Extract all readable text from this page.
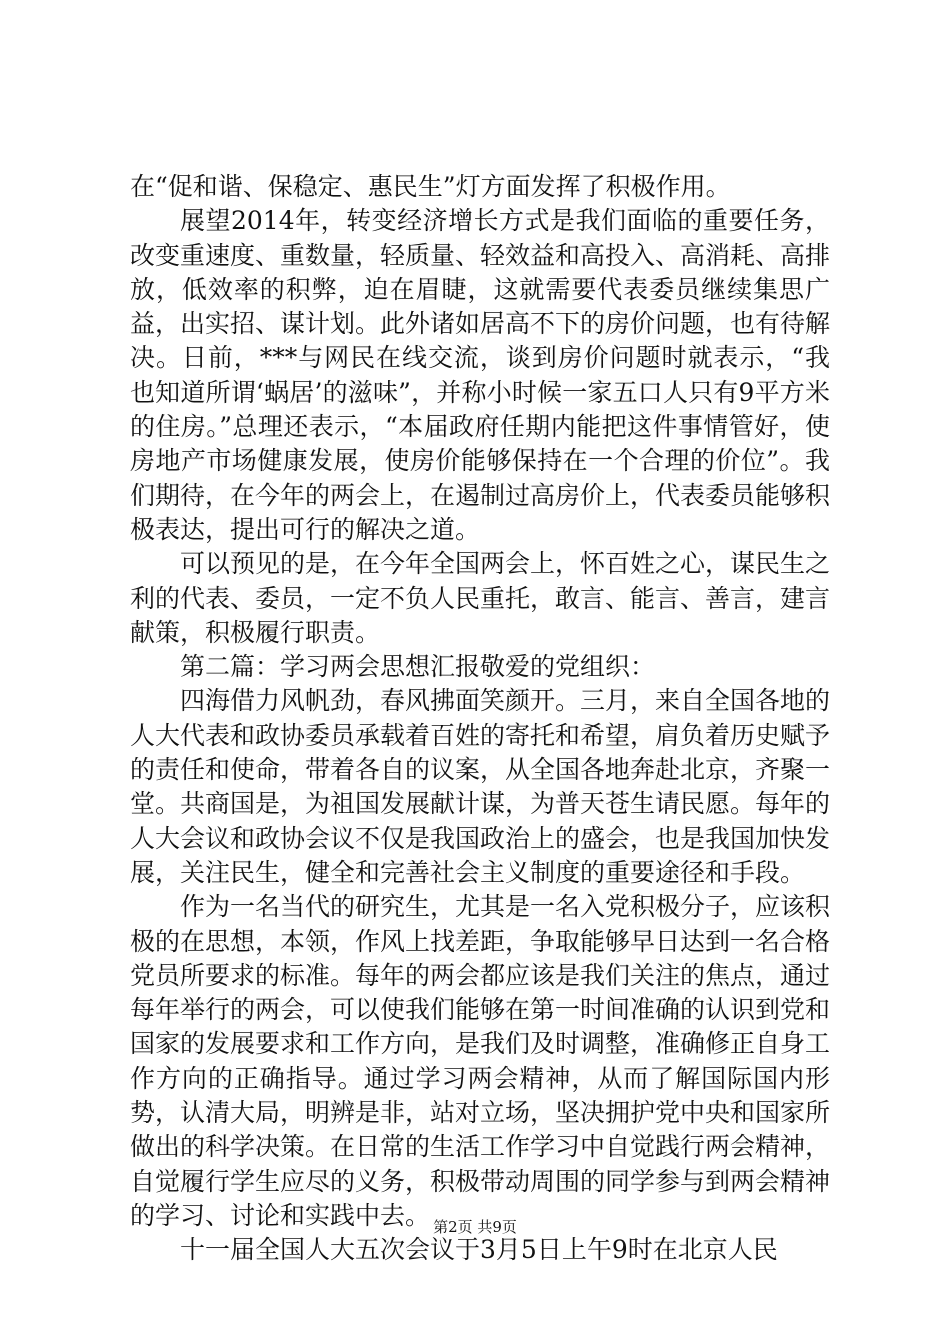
在“促和谐、保稳定、惠民生”灯方面发挥了积极作用。

展望2014年，转变经济增长方式是我们面临的重要任务，改变重速度、重数量，轻质量、轻效益和高投入、高消耗、高排放，低效率的积弊，迫在眉睫，这就需要代表委员继续集思广益，出实招、谋计划。此外诸如居高不下的房价问题，也有待解决。日前，***与网民在线交流，谈到房价问题时就表示，“我也知道所谓‘蜗居’的滋味”，并称小时候一家五口人只有9平方米的住房。”总理还表示，“本届政府任期内能把这件事情管好，使房地产市场健康发展，使房价能够保持在一个合理的价位”。我们期待，在今年的两会上，在遏制过高房价上，代表委员能够积极表达，提出可行的解决之道。

可以预见的是，在今年全国两会上，怀百姓之心，谋民生之利的代表、委员，一定不负人民重托，敢言、能言、善言，建言献策，积极履行职责。

第二篇：学习两会思想汇报敬爱的党组织：

四海借力风帆劲，春风拂面笑颜开。三月，来自全国各地的人大代表和政协委员承载着百姓的寄托和希望，肩负着历史赋予的责任和使命，带着各自的议案，从全国各地奔赴北京，齐聚一堂。共商国是，为祖国发展献计谋，为普天苍生请民愿。每年的人大会议和政协会议不仅是我国政治上的盛会，也是我国加快发展，关注民生，健全和完善社会主义制度的重要途径和手段。

作为一名当代的研究生，尤其是一名入党积极分子，应该积极的在思想，本领，作风上找差距，争取能够早日达到一名合格党员所要求的标准。每年的两会都应该是我们关注的焦点，通过每年举行的两会，可以使我们能够在第一时间准确的认识到党和国家的发展要求和工作方向，是我们及时调整，准确修正自身工作方向的正确指导。通过学习两会精神，从而了解国际国内形势，认清大局，明辨是非，站对立场，坚决拥护党中央和国家所做出的科学决策。在日常的生活工作学习中自觉践行两会精神，自觉履行学生应尽的义务，积极带动周围的同学参与到两会精神的学习、讨论和实践中去。

十一届全国人大五次会议于3月5日上午9时在北京人民

第2页 共9页
